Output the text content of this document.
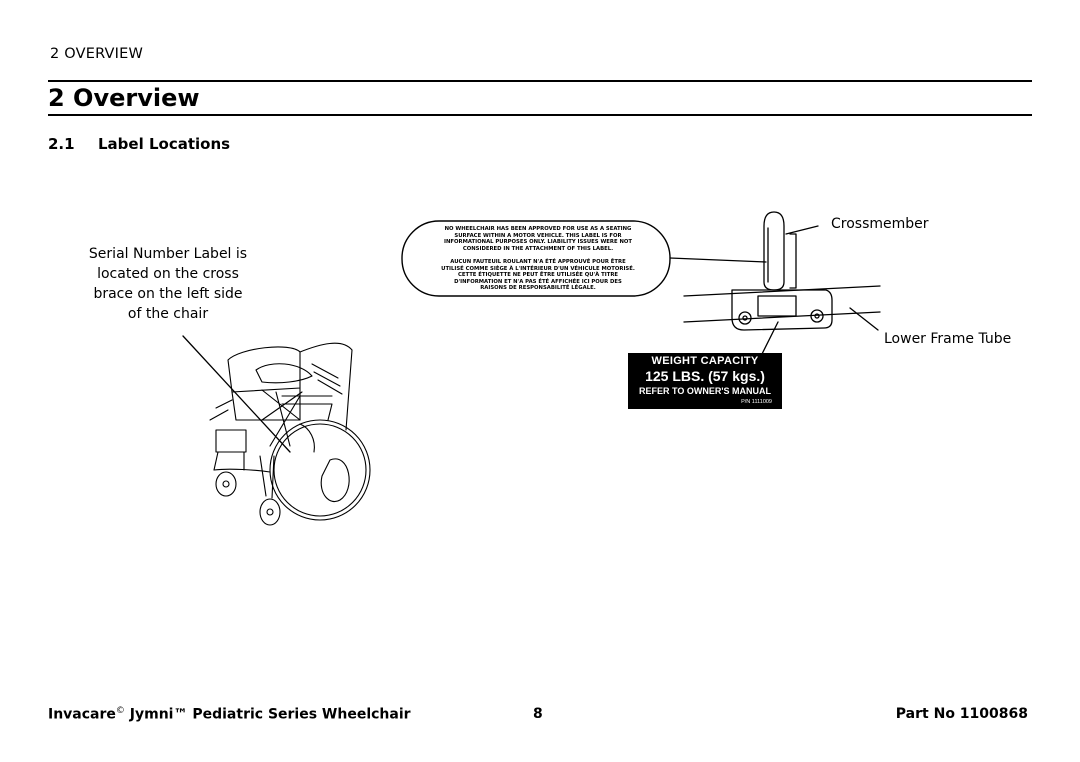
2 OVERVIEW
2 Overview
2.1 Label Locations
Serial Number Label is
located on the cross
brace on the left side
of the chair
NO WHEELCHAIR HAS BEEN APPROVED FOR USE AS A SEATING
SURFACE WITHIN A MOTOR VEHICLE. THIS LABEL IS FOR
INFORMATIONAL PURPOSES ONLY. LIABILITY ISSUES WERE NOT
CONSIDERED IN THE ATTACHMENT OF THIS LABEL.
AUCUN FAUTEUIL ROULANT N'A ÉTÉ APPROUVÉ POUR ÊTRE
UTILISÉ COMME SIÈGE À L'INTÉRIEUR D'UN VÉHICULE MOTORISÉ.
CETTE ÉTIQUETTE NE PEUT ÊTRE UTILISÉE QU'À TITRE
D'INFORMATION ET N'A PAS ÉTÉ AFFICHÉE ICI POUR DES
RAISONS DE RESPONSABILITÉ LÉGALE.
Crossmember
Lower Frame Tube
WEIGHT CAPACITY
125 LBS. (57 kgs.)
REFER TO OWNER'S MANUAL
P/N 1111009
Invacare© Jymni™ Pediatric Series Wheelchair	8	Part No 1100868
